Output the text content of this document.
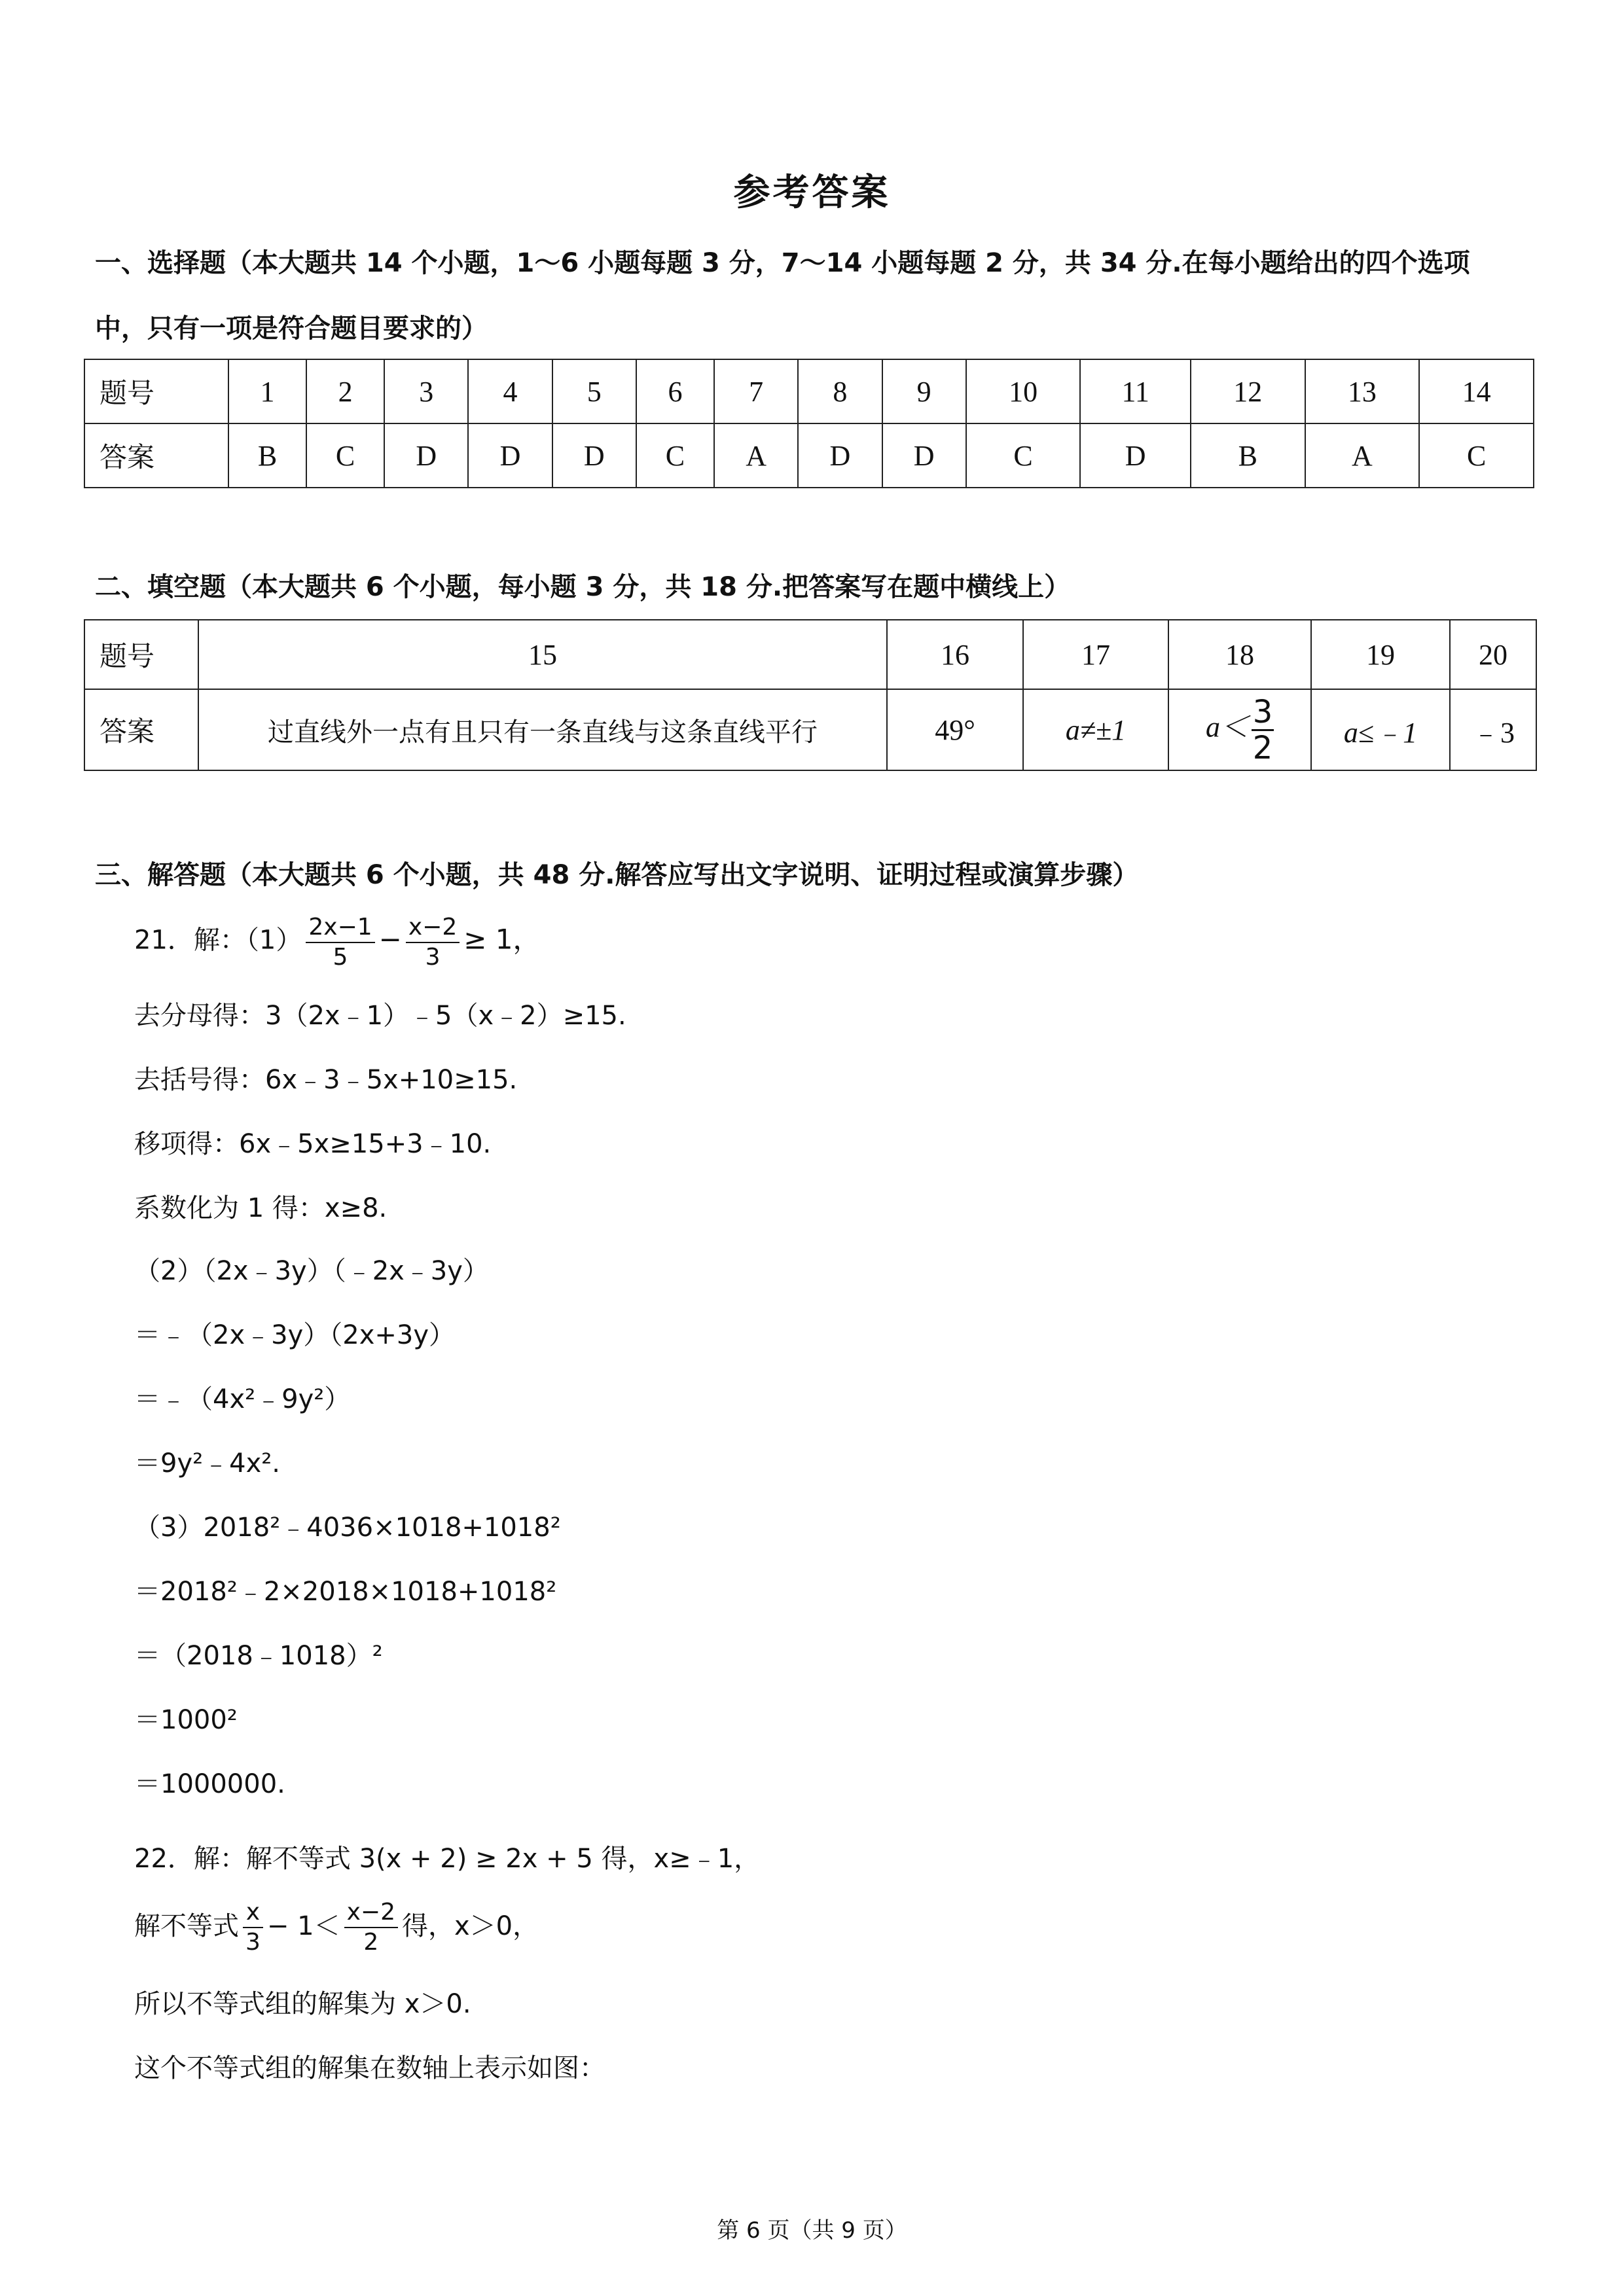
参考答案
一、选择题（本大题共 14 个小题，1～6 小题每题 3 分，7～14 小题每题 2 分，共 34 分.在每小题给出的四个选项
中，只有一项是符合题目要求的）
题号	1	2	3	4	5	6	7	8	9	10	11	12	13	14
答案	B	C	D	D	D	C	A	D	D	C	D	B	A	C
二、填空题（本大题共 6 个小题，每小题 3 分，共 18 分.把答案写在题中横线上）
题号	15	16	17	18	19	20
答案	过直线外一点有且只有一条直线与这条直线平行	49°	a≠±1	$a< \frac{3}{2}$	a≤﹣1	﹣3
三、解答题（本大题共 6 个小题，共 48 分.解答应写出文字说明、证明过程或演算步骤）
21．解：$(1) \frac{2x-1}{5} - \frac{x-2}{3} \ge 1$，
去分母得：3（2x﹣1）﹣5（x﹣2）≥15.
去括号得：6x﹣3﹣5x+10≥15.
移项得：6x﹣5x≥15+3﹣10.
系数化为 1 得：x≥8.
（2）（2x﹣3y）（﹣2x﹣3y）
＝﹣（2x﹣3y）（2x+3y）
＝﹣（4x²﹣9y²）
＝9y²﹣4x².
（3）2018²﹣4036×1018+1018²
＝2018²﹣2×2018×1018+1018²
＝（2018﹣1018）²
＝1000²
＝1000000.
22．解：解不等式 3(x + 2) ≥ 2x + 5 得，x≥﹣1，
解不等式 $\frac{x}{3} - 1< \frac{x-2}{2}$ 得，x＞0，
所以不等式组的解集为 x＞0.
这个不等式组的解集在数轴上表示如图：
第 6 页（共 9 页）
